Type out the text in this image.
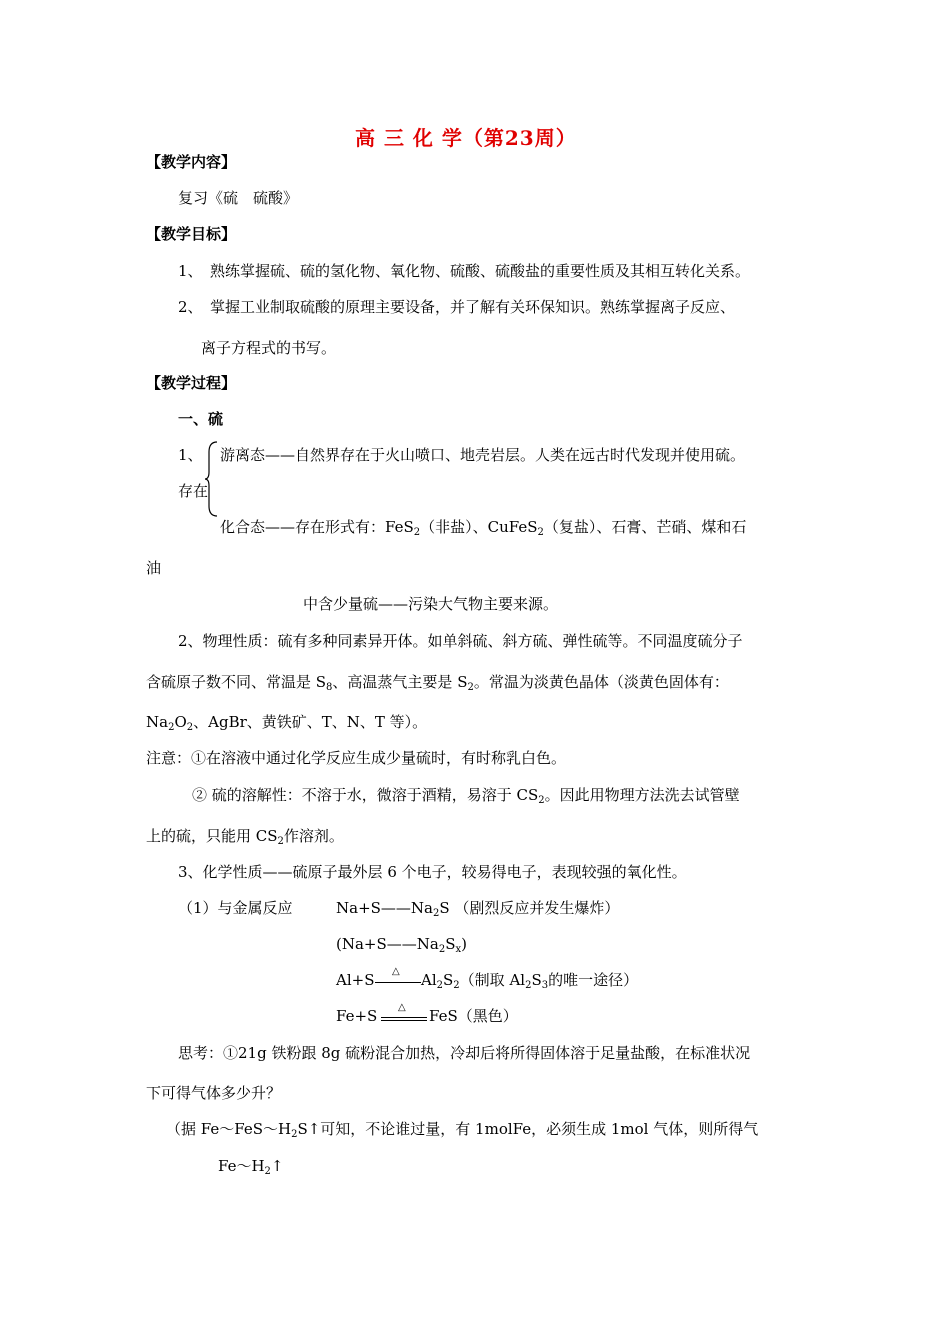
高 三 化 学（第23周）
【教学内容】
复习《硫　硫酸》
【教学目标】
1、　熟练掌握硫、硫的氢化物、氧化物、硫酸、硫酸盐的重要性质及其相互转化关系。
2、　掌握工业制取硫酸的原理主要设备，并了解有关环保知识。熟练掌握离子反应、
离子方程式的书写。
【教学过程】
一、硫
1、
存在
游离态——自然界存在于火山喷口、地壳岩层。人类在远古时代发现并使用硫。
化合态——存在形式有：FeS$_2$（非盐）、CuFeS$_2$（复盐）、石膏、芒硝、煤和石
油
中含少量硫——污染大气物主要来源。
2、物理性质：硫有多种同素异开体。如单斜硫、斜方硫、弹性硫等。不同温度硫分子
含硫原子数不同、常温是 $S_8$、高温蒸气主要是 $S_2$。常温为淡黄色晶体（淡黄色固体有：
$Na_2O_2$、AgBr、黄铁矿、T、N、T 等）。
注意：①在溶液中通过化学反应生成少量硫时，有时称乳白色。
② 硫的溶解性：不溶于水，微溶于酒精，易溶于 $CS_2$。因此用物理方法洗去试管壁
上的硫，只能用 $CS_2$作溶剂。
3、化学性质——硫原子最外层 6 个电子，较易得电子，表现较强的氧化性。
（1）与金属反应	$Na+S——Na_2S$ （剧烈反应并发生爆炸）
$(Na+S——Na_2S_x)$
Al+S △ $Al_2S_2$（制取 $Al_2S_3$的唯一途径）
Fe+S △ FeS（黑色）
思考：①21g 铁粉跟 8g 硫粉混合加热，冷却后将所得固体溶于足量盐酸，在标准状况
下可得气体多少升？
（据 $Fe\sim FeS\sim H_2S↑$可知，不论谁过量，有 1molFe，必须生成 1mol 气体，则所得气
$Fe\sim H_2↑$
